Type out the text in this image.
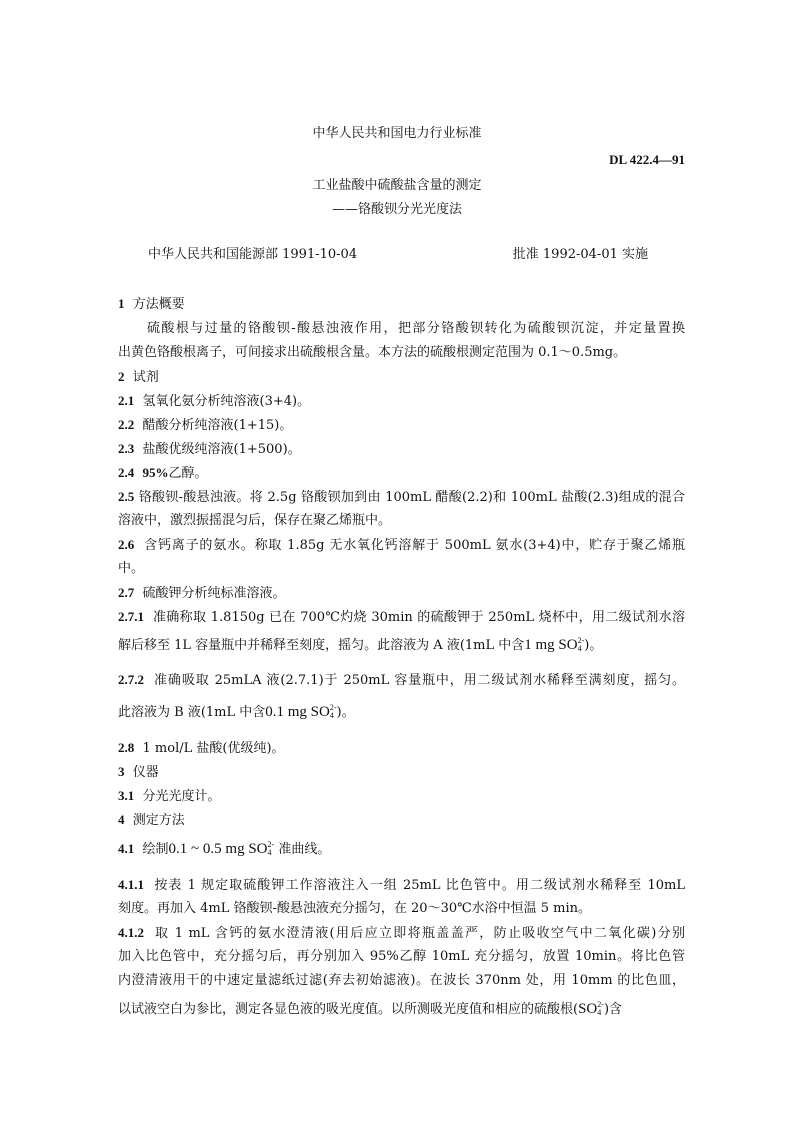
中华人民共和国电力行业标准
DL 422.4—91
工业盐酸中硫酸盐含量的测定
——铬酸钡分光光度法
中华人民共和国能源部 1991-10-04	批准 1992-04-01 实施
1 方法概要
硫酸根与过量的铬酸钡-酸悬浊液作用，把部分铬酸钡转化为硫酸钡沉淀，并定量置换
出黄色铬酸根离子，可间接求出硫酸根含量。本方法的硫酸根测定范围为 0.1～0.5mg。
2 试剂
2.1 氢氧化氨分析纯溶液(3+4)。
2.2 醋酸分析纯溶液(1+15)。
2.3 盐酸优级纯溶液(1+500)。
2.4 95%乙醇。
2.5 铬酸钡-酸悬浊液。将 2.5g 铬酸钡加到由 100mL 醋酸(2.2)和 100mL 盐酸(2.3)组成的混合
溶液中，激烈振摇混匀后，保存在聚乙烯瓶中。
2.6 含钙离子的氨水。称取 1.85g 无水氧化钙溶解于 500mL 氨水(3+4)中，贮存于聚乙烯瓶
中。
2.7 硫酸钾分析纯标准溶液。
2.7.1 准确称取 1.8150g 已在 700℃灼烧 30min 的硫酸钾于 250mL 烧杯中，用二级试剂水溶
解后移至 1L 容量瓶中并稀释至刻度，摇匀。此溶液为 A 液(1mL 中含1 mg SO 2-
4 )。
2.7.2 准确吸取 25mLA 液(2.7.1)于 250mL 容量瓶中，用二级试剂水稀释至满刻度，摇匀。
此溶液为 B 液(1mL 中含0.1 mg SO 2-
4 )。
2.8 1 mol/L 盐酸(优级纯)。
3 仪器
3.1 分光光度计。
4 测定方法
4.1 绘制0.1 ~ 0.5 mg SO 2-
4 准曲线。
4.1.1 按表 1 规定取硫酸钾工作溶液注入一组 25mL 比色管中。用二级试剂水稀释至 10mL
刻度。再加入 4mL 铬酸钡-酸悬浊液充分摇匀，在 20～30℃水浴中恒温 5 min。
4.1.2 取 1 mL 含钙的氨水澄清液(用后应立即将瓶盖盖严，防止吸收空气中二氧化碳)分别
加入比色管中，充分摇匀后，再分别加入 95%乙醇 10mL 充分摇匀，放置 10min。将比色管
内澄清液用干的中速定量滤纸过滤(弃去初始滤液)。在波长 370nm 处，用 10mm 的比色皿，
以试液空白为参比，测定各显色液的吸光度值。以所测吸光度值和相应的硫酸根(SO 2-
4 )含
